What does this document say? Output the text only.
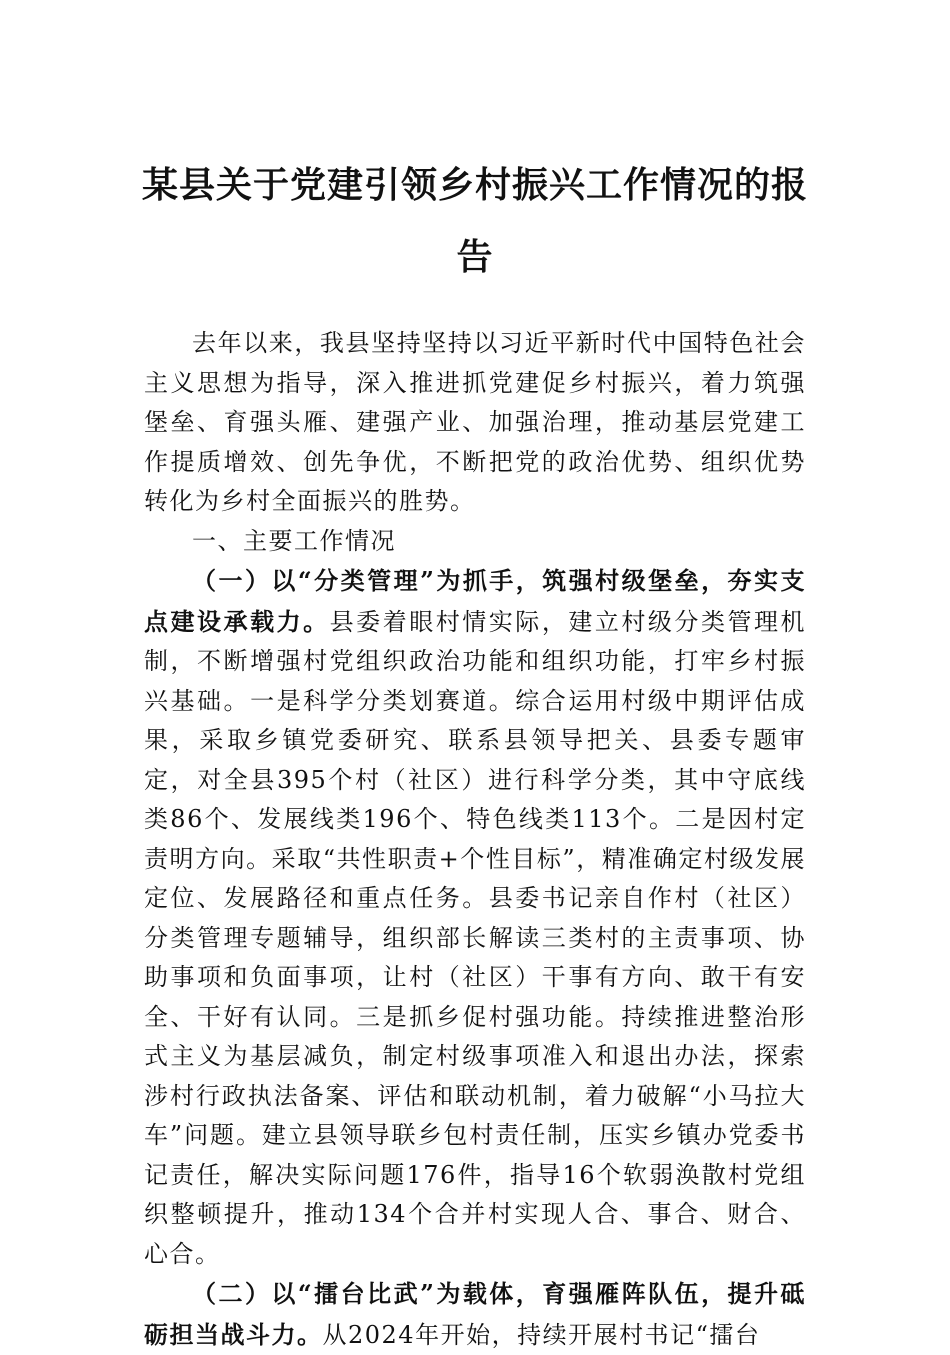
某县关于党建引领乡村振兴工作情况的报告

去年以来，我县坚持坚持以习近平新时代中国特色社会主义思想为指导，深入推进抓党建促乡村振兴，着力筑强堡垒、育强头雁、建强产业、加强治理，推动基层党建工作提质增效、创先争优，不断把党的政治优势、组织优势转化为乡村全面振兴的胜势。

一、主要工作情况

（一）以“分类管理”为抓手，筑强村级堡垒，夯实支点建设承载力。县委着眼村情实际，建立村级分类管理机制，不断增强村党组织政治功能和组织功能，打牢乡村振兴基础。一是科学分类划赛道。综合运用村级中期评估成果，采取乡镇党委研究、联系县领导把关、县委专题审定，对全县395个村（社区）进行科学分类，其中守底线类86个、发展线类196个、特色线类113个。二是因村定责明方向。采取“共性职责+个性目标”，精准确定村级发展定位、发展路径和重点任务。县委书记亲自作村（社区）分类管理专题辅导，组织部长解读三类村的主责事项、协助事项和负面事项，让村（社区）干事有方向、敢干有安全、干好有认同。三是抓乡促村强功能。持续推进整治形式主义为基层减负，制定村级事项准入和退出办法，探索涉村行政执法备案、评估和联动机制，着力破解“小马拉大车”问题。建立县领导联乡包村责任制，压实乡镇办党委书记责任，解决实际问题176件，指导16个软弱涣散村党组织整顿提升，推动134个合并村实现人合、事合、财合、心合。

（二）以“擂台比武”为载体，育强雁阵队伍，提升砥砺担当战斗力。从2024年开始，持续开展村书记“擂台
